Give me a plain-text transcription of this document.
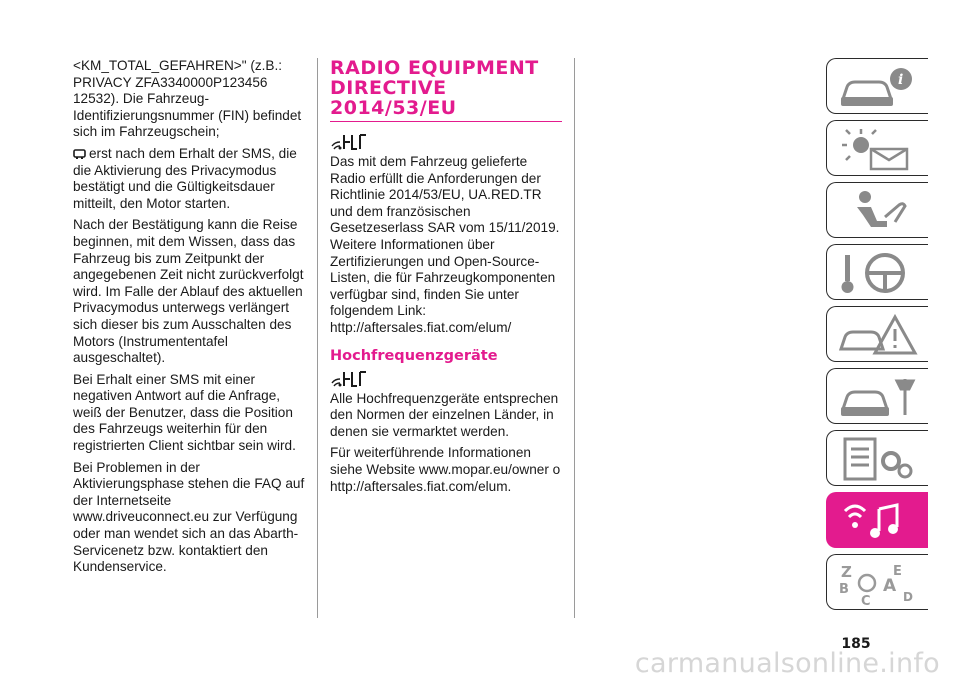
<KM_TOTAL_GEFAHREN>" (z.B.: PRIVACY ZFA3340000P123456 12532). Die Fahrzeug-Identifizierungsnummer (FIN) befindet sich im Fahrzeugschein;

erst nach dem Erhalt der SMS, die die Aktivierung des Privacymodus bestätigt und die Gültigkeitsdauer mitteilt, den Motor starten.

Nach der Bestätigung kann die Reise beginnen, mit dem Wissen, dass das Fahrzeug bis zum Zeitpunkt der angegebenen Zeit nicht zurückverfolgt wird. Im Falle der Ablauf des aktuellen Privacymodus unterwegs verlängert sich dieser bis zum Ausschalten des Motors (Instrumententafel ausgeschaltet).

Bei Erhalt einer SMS mit einer negativen Antwort auf die Anfrage, weiß der Benutzer, dass die Position des Fahrzeugs weiterhin für den registrierten Client sichtbar sein wird.

Bei Problemen in der Aktivierungsphase stehen die FAQ auf der Internetseite www.driveuconnect.eu zur Verfügung oder man wendet sich an das Abarth-Servicenetz bzw. kontaktiert den Kundenservice.

RADIO EQUIPMENT DIRECTIVE 2014/53/EU

Das mit dem Fahrzeug gelieferte Radio erfüllt die Anforderungen der Richtlinie 2014/53/EU, UA.RED.TR und dem französischen Gesetzeserlass SAR vom 15/11/2019. Weitere Informationen über Zertifizierungen und Open-Source-Listen, die für Fahrzeugkomponenten verfügbar sind, finden Sie unter folgendem Link: http://aftersales.fiat.com/elum/

Hochfrequenzgeräte

Alle Hochfrequenzgeräte entsprechen den Normen der einzelnen Länder, in denen sie vermarktet werden.

Für weiterführende Informationen siehe Website www.mopar.eu/owner o http://aftersales.fiat.com/elum.

i
Z	E
A
B
C	D
185
carmanualsonline.info
